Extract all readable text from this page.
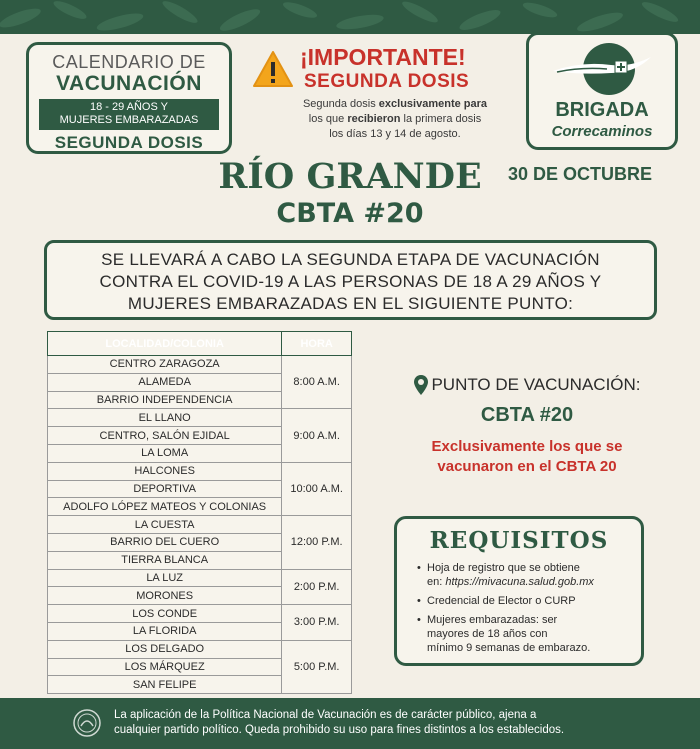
CALENDARIO DE
VACUNACIÓN
18 - 29 AÑOS Y
MUJERES EMBARAZADAS
SEGUNDA DOSIS
¡IMPORTANTE!
SEGUNDA DOSIS
Segunda dosis exclusivamente para
los que recibieron la primera dosis
los días 13 y 14 de agosto.
BRIGADA
Correcaminos
RÍO GRANDE
CBTA #20
30 DE OCTUBRE
SE LLEVARÁ A CABO LA SEGUNDA ETAPA DE VACUNACIÓN
CONTRA EL COVID-19 A LAS PERSONAS DE 18 A 29 AÑOS Y
MUJERES EMBARAZADAS EN EL SIGUIENTE PUNTO:
LOCALIDAD/COLONIA	HORA
CENTRO ZARAGOZA	8:00 A.M.
ALAMEDA	
BARRIO INDEPENDENCIA	
EL LLANO	9:00 A.M.
CENTRO, SALÓN EJIDAL	
LA LOMA	
HALCONES	10:00 A.M.
DEPORTIVA	
ADOLFO LÓPEZ MATEOS Y COLONIAS	
LA CUESTA	12:00 P.M.
BARRIO DEL CUERO	
TIERRA BLANCA	
LA LUZ	2:00 P.M.
MORONES	
LOS CONDE	3:00 P.M.
LA FLORIDA	
LOS DELGADO	5:00 P.M.
LOS MÁRQUEZ	
SAN FELIPE	
PUNTO DE VACUNACIÓN:
CBTA #20
Exclusivamente los que se
vacunaron en el CBTA 20
REQUISITOS
• Hoja de registro que se obtiene
en: https://mivacuna.salud.gob.mx
• Credencial de Elector o CURP
• Mujeres embarazadas: ser
mayores de 18 años con
mínimo 9 semanas de embarazo.
La aplicación de la Política Nacional de Vacunación es de carácter público, ajena a
cualquier partido político. Queda prohibido su uso para fines distintos a los establecidos.
